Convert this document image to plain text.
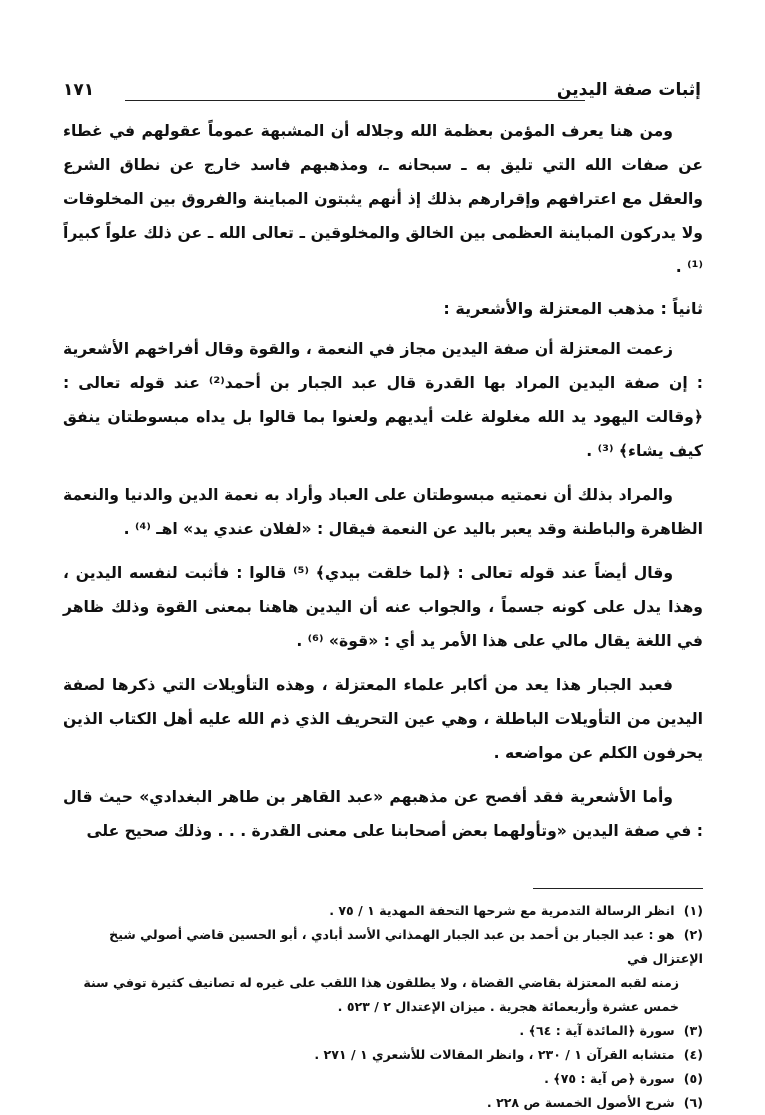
إثبات صفة اليدين
١٧١

ومن هنا يعرف المؤمن بعظمة الله وجلاله أن المشبهة عموماً عقولهم في غطاء عن صفات الله التي تليق به ـ سبحانه ـ، ومذهبهم فاسد خارج عن نطاق الشرع والعقل مع اعترافهم وإقرارهم بذلك إذ أنهم يثبتون المباينة والفروق بين المخلوقات ولا يدركون المباينة العظمى بين الخالق والمخلوقين ـ تعالى الله ـ عن ذلك علواً كبيراً ⁽¹⁾ .

ثانياً : مذهب المعتزلة والأشعرية :

زعمت المعتزلة أن صفة اليدين مجاز في النعمة ، والقوة وقال أفراخهم الأشعرية : إن صفة اليدين المراد بها القدرة قال عبد الجبار بن أحمد⁽²⁾ عند قوله تعالى : ﴿وقالت اليهود يد الله مغلولة غلت أيديهم ولعنوا بما قالوا بل يداه مبسوطتان ينفق كيف يشاء﴾ ⁽³⁾ .

والمراد بذلك أن نعمتيه مبسوطتان على العباد وأراد به نعمة الدين والدنيا والنعمة الظاهرة والباطنة وقد يعبر باليد عن النعمة فيقال : «لفلان عندي يد» اهـ ⁽⁴⁾ .

وقال أيضاً عند قوله تعالى : ﴿لما خلقت بيدي﴾ ⁽⁵⁾ قالوا : فأثبت لنفسه اليدين ، وهذا يدل على كونه جسماً ، والجواب عنه أن اليدين هاهنا بمعنى القوة وذلك ظاهر في اللغة يقال مالي على هذا الأمر يد أي : «قوة» ⁽⁶⁾ .

فعبد الجبار هذا يعد من أكابر علماء المعتزلة ، وهذه التأويلات التي ذكرها لصفة اليدين من التأويلات الباطلة ، وهي عين التحريف الذي ذم الله عليه أهل الكتاب الذين يحرفون الكلم عن مواضعه .

وأما الأشعرية فقد أفصح عن مذهبهم «عبد القاهر بن طاهر البغدادي» حيث قال : في صفة اليدين «وتأولهما بعض أصحابنا على معنى القدرة . . . وذلك صحيح على

(١) انظر الرسالة التدمرية مع شرحها التحفة المهدية ١ / ٧٥ .

(٢) هو : عبد الجبار بن أحمد بن عبد الجبار الهمذاني الأسد أبادي ، أبو الحسين قاضي أصولي شيخ الإعتزال في

زمنه لقبه المعتزلة بقاضي القضاة ، ولا يطلقون هذا اللقب على غيره له تصانيف كثيرة توفي سنة خمس عشرة وأربعمائة هجرية . ميزان الإعتدال ٢ / ٥٢٣ .

(٣) سورة ﴿المائدة آية : ٦٤﴾ .

(٤) متشابه القرآن ١ / ٢٣٠ ، وانظر المقالات للأشعري ١ / ٢٧١ .

(٥) سورة ﴿ص آية : ٧٥﴾ .

(٦) شرح الأصول الخمسة ص ٢٢٨ .
